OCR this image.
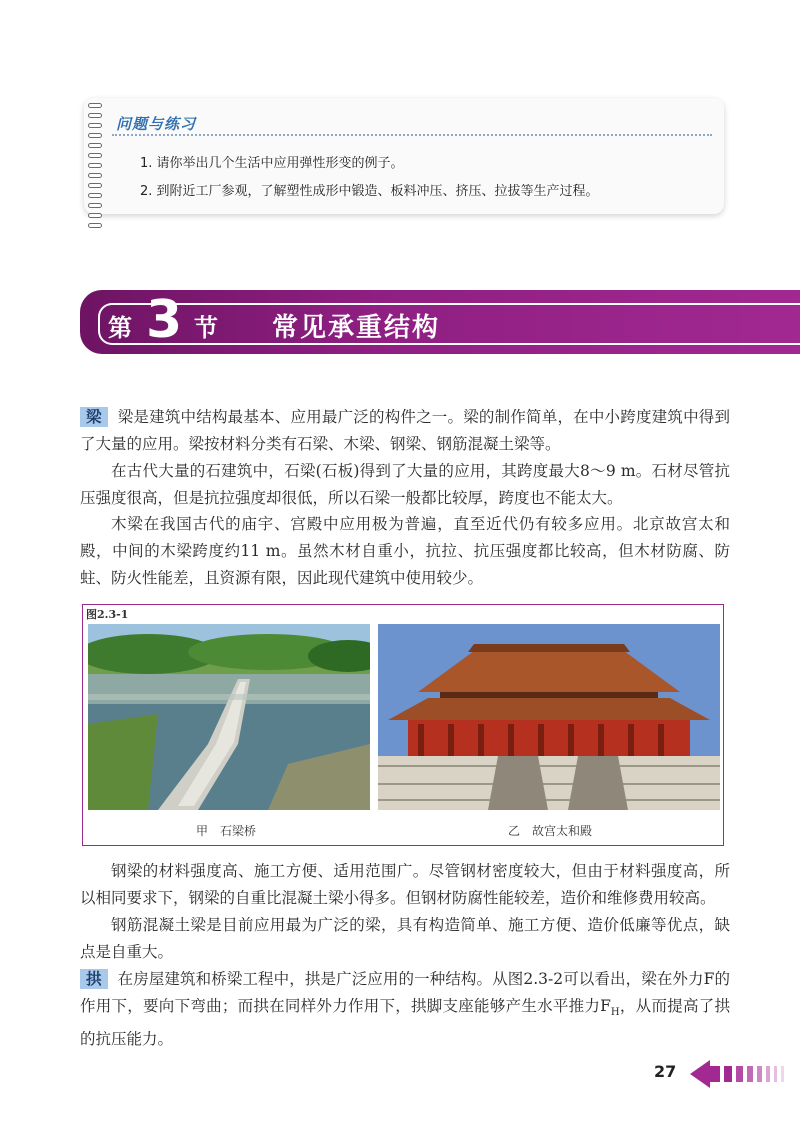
问题与练习
1. 请你举出几个生活中应用弹性形变的例子。
2. 到附近工厂参观，了解塑性成形中锻造、板料冲压、挤压、拉拔等生产过程。
第 3 节 常见承重结构
梁 梁是建筑中结构最基本、应用最广泛的构件之一。梁的制作简单，在中小跨度建筑中得到了大量的应用。梁按材料分类有石梁、木梁、钢梁、钢筋混凝土梁等。
在古代大量的石建筑中，石梁(石板)得到了大量的应用，其跨度最大8～9 m。石材尽管抗压强度很高，但是抗拉强度却很低，所以石梁一般都比较厚，跨度也不能太大。
木梁在我国古代的庙宇、宫殿中应用极为普遍，直至近代仍有较多应用。北京故宫太和殿，中间的木梁跨度约11 m。虽然木材自重小，抗拉、抗压强度都比较高，但木材防腐、防蛀、防火性能差，且资源有限，因此现代建筑中使用较少。
图2.3-1
甲　石梁桥	乙　故宫太和殿
钢梁的材料强度高、施工方便、适用范围广。尽管钢材密度较大，但由于材料强度高，所以相同要求下，钢梁的自重比混凝土梁小得多。但钢材防腐性能较差，造价和维修费用较高。
钢筋混凝土梁是目前应用最为广泛的梁，具有构造简单、施工方便、造价低廉等优点，缺点是自重大。
拱 在房屋建筑和桥梁工程中，拱是广泛应用的一种结构。从图2.3-2可以看出，梁在外力F的作用下，要向下弯曲；而拱在同样外力作用下，拱脚支座能够产生水平推力$F_H$，从而提高了拱的抗压能力。
27
